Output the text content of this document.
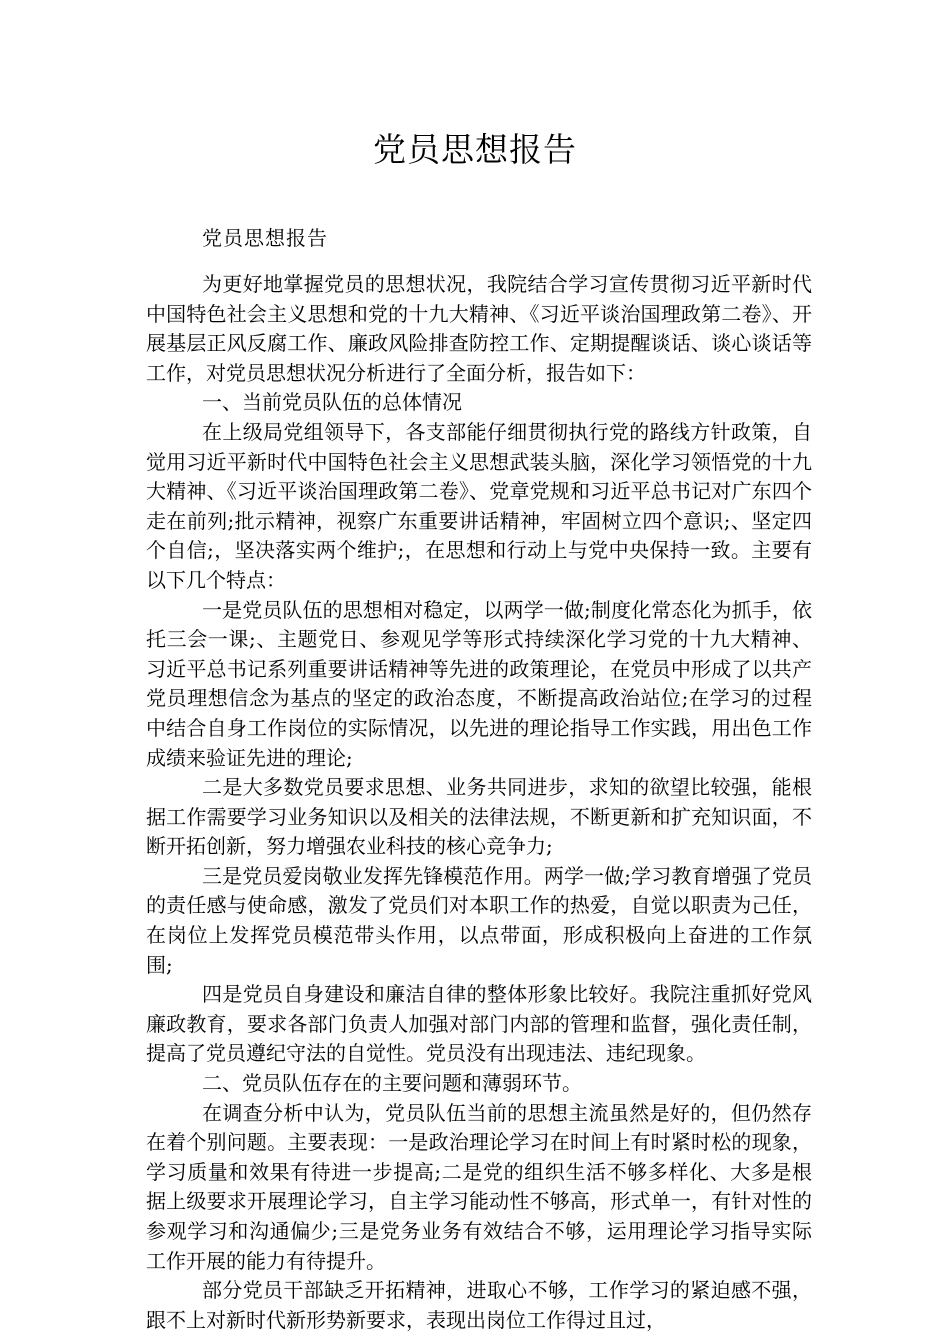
党员思想报告
党员思想报告

为更好地掌握党员的思想状况，我院结合学习宣传贯彻习近平新时代中国特色社会主义思想和党的十九大精神、《习近平谈治国理政第二卷》、开展基层正风反腐工作、廉政风险排查防控工作、定期提醒谈话、谈心谈话等工作，对党员思想状况分析进行了全面分析，报告如下：

一、当前党员队伍的总体情况

在上级局党组领导下，各支部能仔细贯彻执行党的路线方针政策，自觉用习近平新时代中国特色社会主义思想武装头脑，深化学习领悟党的十九大精神、《习近平谈治国理政第二卷》、党章党规和习近平总书记对广东四个走在前列;批示精神，视察广东重要讲话精神，牢固树立四个意识;、坚定四个自信;，坚决落实两个维护;，在思想和行动上与党中央保持一致。主要有以下几个特点：

一是党员队伍的思想相对稳定，以两学一做;制度化常态化为抓手，依托三会一课;、主题党日、参观见学等形式持续深化学习党的十九大精神、习近平总书记系列重要讲话精神等先进的政策理论，在党员中形成了以共产党员理想信念为基点的坚定的政治态度，不断提高政治站位;在学习的过程中结合自身工作岗位的实际情况，以先进的理论指导工作实践，用出色工作成绩来验证先进的理论;

二是大多数党员要求思想、业务共同进步，求知的欲望比较强，能根据工作需要学习业务知识以及相关的法律法规，不断更新和扩充知识面，不断开拓创新，努力增强农业科技的核心竞争力;

三是党员爱岗敬业发挥先锋模范作用。两学一做;学习教育增强了党员的责任感与使命感，激发了党员们对本职工作的热爱，自觉以职责为己任，在岗位上发挥党员模范带头作用，以点带面，形成积极向上奋进的工作氛围;

四是党员自身建设和廉洁自律的整体形象比较好。我院注重抓好党风廉政教育，要求各部门负责人加强对部门内部的管理和监督，强化责任制，提高了党员遵纪守法的自觉性。党员没有出现违法、违纪现象。

二、党员队伍存在的主要问题和薄弱环节。

在调查分析中认为，党员队伍当前的思想主流虽然是好的，但仍然存在着个别问题。主要表现：一是政治理论学习在时间上有时紧时松的现象，学习质量和效果有待进一步提高;二是党的组织生活不够多样化、大多是根据上级要求开展理论学习，自主学习能动性不够高，形式单一，有针对性的参观学习和沟通偏少;三是党务业务有效结合不够，运用理论学习指导实际工作开展的能力有待提升。

部分党员干部缺乏开拓精神，进取心不够，工作学习的紧迫感不强，跟不上对新时代新形势新要求，表现出岗位工作得过且过，
